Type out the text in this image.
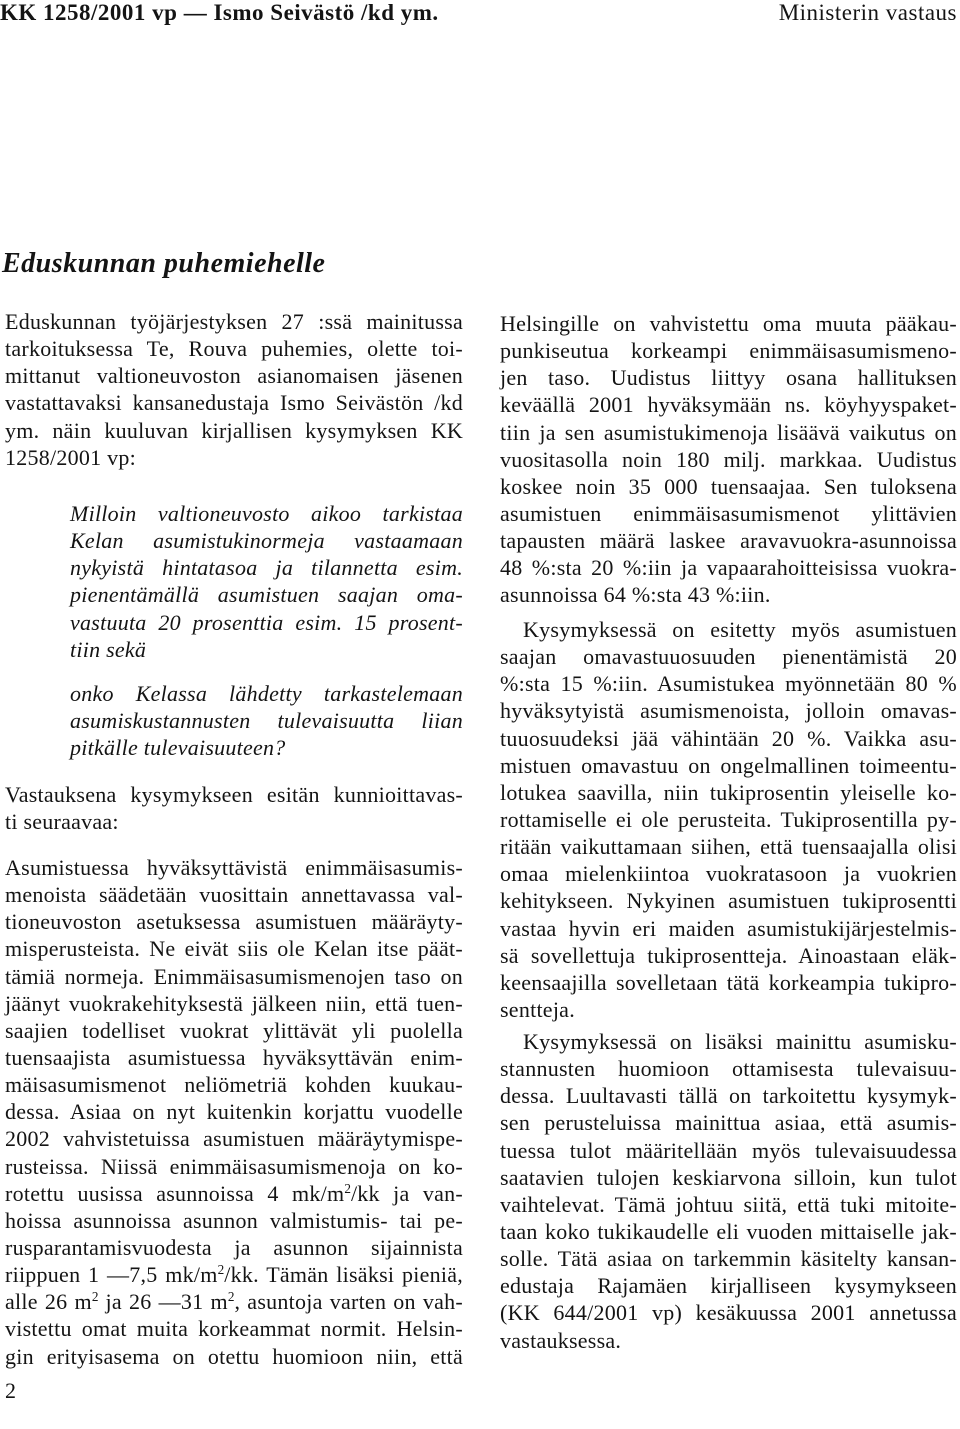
KK 1258/2001 vp — Ismo Seivästö /kd ym.	Ministerin vastaus
Eduskunnan puhemiehelle
Eduskunnan työjärjestyksen 27 :ssä mainitussa
tarkoituksessa Te, Rouva puhemies, olette toi-
mittanut valtioneuvoston asianomaisen jäsenen
vastattavaksi kansanedustaja Ismo Seivästön /kd
ym. näin kuuluvan kirjallisen kysymyksen KK
1258/2001 vp:
Milloin valtioneuvosto aikoo tarkistaa
Kelan asumistukinormeja vastaamaan
nykyistä hintatasoa ja tilannetta esim.
pienentämällä asumistuen saajan oma-
vastuuta 20 prosenttia esim. 15 prosent-
tiin sekä
onko Kelassa lähdetty tarkastelemaan
asumiskustannusten tulevaisuutta liian
pitkälle tulevaisuuteen?
Vastauksena kysymykseen esitän kunnioittavas-
ti seuraavaa:
Asumistuessa hyväksyttävistä enimmäisasumis-
menoista säädetään vuosittain annettavassa val-
tioneuvoston asetuksessa asumistuen määräyty-
misperusteista. Ne eivät siis ole Kelan itse päät-
tämiä normeja. Enimmäisasumismenojen taso on
jäänyt vuokrakehityksestä jälkeen niin, että tuen-
saajien todelliset vuokrat ylittävät yli puolella
tuensaajista asumistuessa hyväksyttävän enim-
mäisasumismenot neliömetriä kohden kuukau-
dessa. Asiaa on nyt kuitenkin korjattu vuodelle
2002 vahvistetuissa asumistuen määräytymispe-
rusteissa. Niissä enimmäisasumismenoja on ko-
rotettu uusissa asunnoissa 4 $mk/m^2/kk$ ja van-
hoissa asunnoissa asunnon valmistumis- tai pe-
rusparantamisvuodesta ja asunnon sijainnista
riippuen 1 —7,5 $mk/m^2/kk$. Tämän lisäksi pieniä,
alle 26 $m^2$ ja 26 —31 $m^2$, asuntoja varten on vah-
vistettu omat muita korkeammat normit. Helsin-
gin erityisasema on otettu huomioon niin, että
Helsingille on vahvistettu oma muuta pääkau-
punkiseutua korkeampi enimmäisasumismeno-
jen taso. Uudistus liittyy osana hallituksen
keväällä 2001 hyväksymään ns. köyhyyspaket-
tiin ja sen asumistukimenoja lisäävä vaikutus on
vuositasolla noin 180 milj. markkaa. Uudistus
koskee noin 35 000 tuensaajaa. Sen tuloksena
asumistuen enimmäisasumismenot ylittävien
tapausten määrä laskee aravavuokra-asunnoissa
48 %:sta 20 %:iin ja vapaarahoitteisissa vuokra-
asunnoissa 64 %:sta 43 %:iin.
Kysymyksessä on esitetty myös asumistuen
saajan omavastuuosuuden pienentämistä 20
%:sta 15 %:iin. Asumistukea myönnetään 80 %
hyväksytyistä asumismenoista, jolloin omavas-
tuuosuudeksi jää vähintään 20 %. Vaikka asu-
mistuen omavastuu on ongelmallinen toimeentu-
lotukea saavilla, niin tukiprosentin yleiselle ko-
rottamiselle ei ole perusteita. Tukiprosentilla py-
ritään vaikuttamaan siihen, että tuensaajalla olisi
omaa mielenkiintoa vuokratasoon ja vuokrien
kehitykseen. Nykyinen asumistuen tukiprosentti
vastaa hyvin eri maiden asumistukijärjestelmis-
sä sovellettuja tukiprosentteja. Ainoastaan eläk-
keensaajilla sovelletaan tätä korkeampia tukipro-
sentteja.
Kysymyksessä on lisäksi mainittu asumisku-
stannusten huomioon ottamisesta tulevaisuu-
dessa. Luultavasti tällä on tarkoitettu kysymyk-
sen perusteluissa mainittua asiaa, että asumis-
tuessa tulot määritellään myös tulevaisuudessa
saatavien tulojen keskiarvona silloin, kun tulot
vaihtelevat. Tämä johtuu siitä, että tuki mitoite-
taan koko tukikaudelle eli vuoden mittaiselle jak-
solle. Tätä asiaa on tarkemmin käsitelty kansan-
edustaja Rajamäen kirjalliseen kysymykseen
(KK 644/2001 vp) kesäkuussa 2001 annetussa
vastauksessa.
2
